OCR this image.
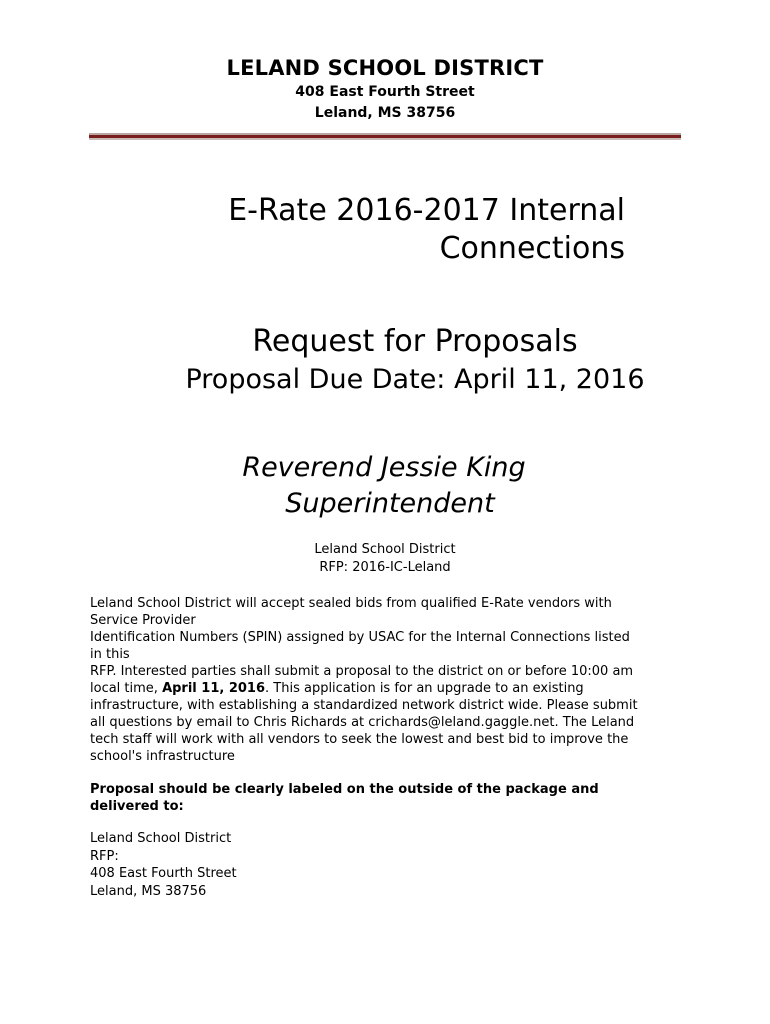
LELAND SCHOOL DISTRICT
408 East Fourth Street
Leland, MS 38756
E-Rate 2016-2017 Internal
Connections
Request for Proposals
Proposal Due Date: April 11, 2016
Reverend Jessie King
Superintendent
Leland School District
RFP: 2016-IC-Leland
Leland School District will accept sealed bids from qualified E-Rate vendors with
Service Provider
Identification Numbers (SPIN) assigned by USAC for the Internal Connections listed
in this
RFP. Interested parties shall submit a proposal to the district on or before 10:00 am
local time, April 11, 2016. This application is for an upgrade to an existing
infrastructure, with establishing a standardized network district wide. Please submit
all questions by email to Chris Richards at crichards@leland.gaggle.net. The Leland
tech staff will work with all vendors to seek the lowest and best bid to improve the
school's infrastructure
Proposal should be clearly labeled on the outside of the package and
delivered to:
Leland School District
RFP:
408 East Fourth Street
Leland, MS 38756
